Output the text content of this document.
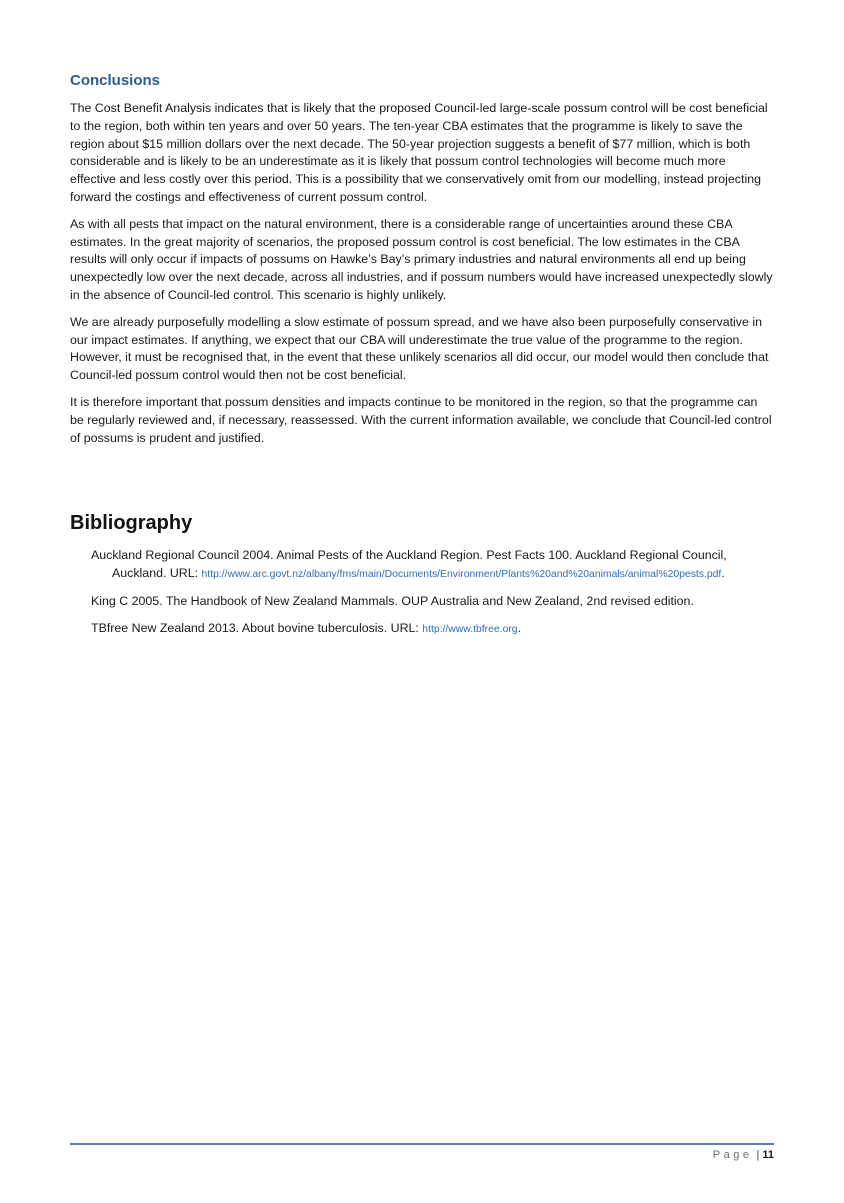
Conclusions

The Cost Benefit Analysis indicates that is likely that the proposed Council-led large-scale possum control will be cost beneficial to the region, both within ten years and over 50 years. The ten-year CBA estimates that the programme is likely to save the region about $15 million dollars over the next decade. The 50-year projection suggests a benefit of $77 million, which is both considerable and is likely to be an underestimate as it is likely that possum control technologies will become much more effective and less costly over this period. This is a possibility that we conservatively omit from our modelling, instead projecting forward the costings and effectiveness of current possum control.

As with all pests that impact on the natural environment, there is a considerable range of uncertainties around these CBA estimates. In the great majority of scenarios, the proposed possum control is cost beneficial. The low estimates in the CBA results will only occur if impacts of possums on Hawke’s Bay’s primary industries and natural environments all end up being unexpectedly low over the next decade, across all industries, and if possum numbers would have increased unexpectedly slowly in the absence of Council-led control. This scenario is highly unlikely.

We are already purposefully modelling a slow estimate of possum spread, and we have also been purposefully conservative in our impact estimates. If anything, we expect that our CBA will underestimate the true value of the programme to the region. However, it must be recognised that, in the event that these unlikely scenarios all did occur, our model would then conclude that Council-led possum control would then not be cost beneficial.

It is therefore important that possum densities and impacts continue to be monitored in the region, so that the programme can be regularly reviewed and, if necessary, reassessed. With the current information available, we conclude that Council-led control of possums is prudent and justified.

Bibliography
Auckland Regional Council 2004. Animal Pests of the Auckland Region. Pest Facts 100. Auckland Regional Council, Auckland. URL: http://www.arc.govt.nz/albany/fms/main/Documents/Environment/Plants%20and%20animals/animal%20pests.pdf.
King C 2005. The Handbook of New Zealand Mammals. OUP Australia and New Zealand, 2nd revised edition.
TBfree New Zealand 2013. About bovine tuberculosis. URL: http://www.tbfree.org.
Page | 11
